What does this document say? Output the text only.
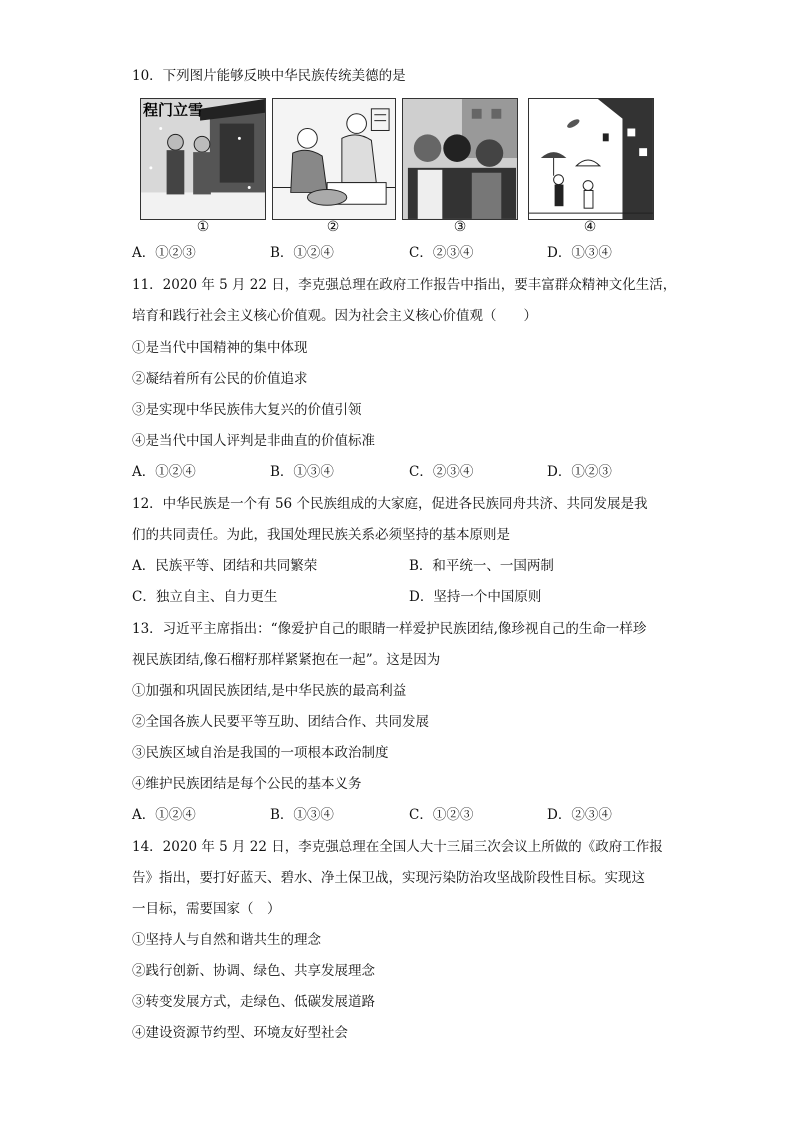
10．下列图片能够反映中华民族传统美德的是
程门立雪
①	②	③	④
A．①②③	B．①②④	C．②③④	D．①③④
11．2020 年 5 月 22 日，李克强总理在政府工作报告中指出，要丰富群众精神文化生活，
培育和践行社会主义核心价值观。因为社会主义核心价值观（　　）
①是当代中国精神的集中体现
②凝结着所有公民的价值追求
③是实现中华民族伟大复兴的价值引领
④是当代中国人评判是非曲直的价值标准
A．①②④	B．①③④	C．②③④	D．①②③
12．中华民族是一个有 56 个民族组成的大家庭，促进各民族同舟共济、共同发展是我
们的共同责任。为此，我国处理民族关系必须坚持的基本原则是
A．民族平等、团结和共同繁荣	B．和平统一、一国两制
C．独立自主、自力更生	D．坚持一个中国原则
13．习近平主席指出：“像爱护自己的眼睛一样爱护民族团结,像珍视自己的生命一样珍
视民族团结,像石榴籽那样紧紧抱在一起”。这是因为
①加强和巩固民族团结,是中华民族的最高利益
②全国各族人民要平等互助、团结合作、共同发展
③民族区域自治是我国的一项根本政治制度
④维护民族团结是每个公民的基本义务
A．①②④	B．①③④	C．①②③	D．②③④
14．2020 年 5 月 22 日，李克强总理在全国人大十三届三次会议上所做的《政府工作报
告》指出，要打好蓝天、碧水、净土保卫战，实现污染防治攻坚战阶段性目标。实现这
一目标，需要国家（　）
①坚持人与自然和谐共生的理念
②践行创新、协调、绿色、共享发展理念
③转变发展方式，走绿色、低碳发展道路
④建设资源节约型、环境友好型社会
